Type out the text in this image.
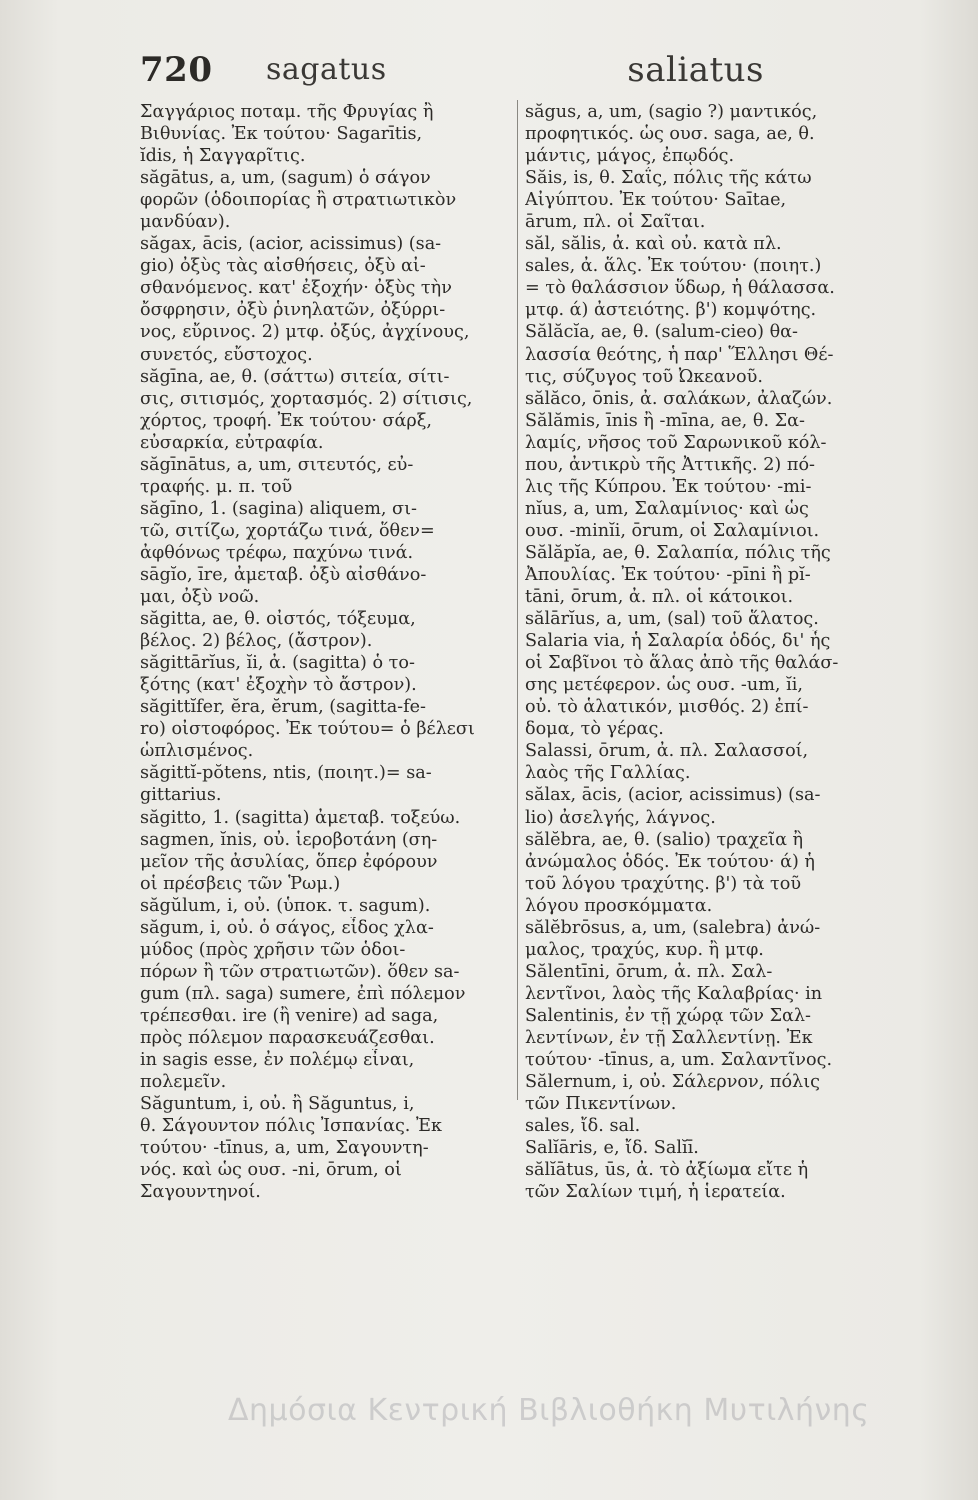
720 sagatus	saliatus
Σαγγάριος ποταμ. τῆς Φρυγίας ἢ
Βιθυνίας. Ἐκ τούτου· Sagarītis,
ĭdis, ἡ Σαγγαρῖτις.
săgātus, a, um, (sagum) ὁ σάγον
φορῶν (ὁδοιπορίας ἢ στρατιωτικὸν
μανδύαν).
săgax, ācis, (acior, acissimus) (sa-
gio) ὀξὺς τὰς αἰσθήσεις, ὀξὺ αἰ-
σθανόμενος. κατ' ἐξοχήν· ὀξὺς τὴν
ὄσφρησιν, ὀξὺ ῥινηλατῶν, ὀξύρρι-
νος, εὔρινος. 2) μτφ. ὀξύς, ἀγχίνους,
συνετός, εὔστοχος.
săgīna, ae, θ. (σάττω) σιτεία, σίτι-
σις, σιτισμός, χορτασμός. 2) σίτισις,
χόρτος, τροφή. Ἐκ τούτου· σάρξ,
εὐσαρκία, εὐτραφία.
săgīnātus, a, um, σιτευτός, εὐ-
τραφής. μ. π. τοῦ
săgīno, 1. (sagina) aliquem, σι-
τῶ, σιτίζω, χορτάζω τινά, ὅθεν=
ἀφθόνως τρέφω, παχύνω τινά.
sāgĭo, īre, ἀμεταβ. ὀξὺ αἰσθάνο-
μαι, ὀξὺ νοῶ.
săgitta, ae, θ. οἰστός, τόξευμα,
βέλος. 2) βέλος, (ἄστρον).
săgittārĭus, ĭi, ἀ. (sagitta) ὁ το-
ξότης (κατ' ἐξοχὴν τὸ ἄστρον).
săgittĭfer, ĕra, ĕrum, (sagitta-fe-
ro) οἰστοφόρος. Ἐκ τούτου= ὁ βέλεσι
ὡπλισμένος.
săgittĭ-pŏtens, ntis, (ποιητ.)= sa-
gittarius.
săgitto, 1. (sagitta) ἀμεταβ. τοξεύω.
sagmen, ĭnis, οὐ. ἱεροβοτάνη (ση-
μεῖον τῆς ἀσυλίας, ὅπερ ἐφόρουν
οἱ πρέσβεις τῶν Ῥωμ.)
săgŭlum, i, οὐ. (ὑποκ. τ. sagum).
săgum, i, οὐ. ὁ σάγος, εἶδος χλα-
μύδος (πρὸς χρῆσιν τῶν ὁδοι-
πόρων ἢ τῶν στρατιωτῶν). ὅθεν sa-
gum (πλ. saga) sumere, ἐπὶ πόλεμον
τρέπεσθαι. ire (ἢ venire) ad saga,
πρὸς πόλεμον παρασκευάζεσθαι.
in sagis esse, ἐν πολέμῳ εἶναι,
πολεμεῖν.
Săguntum, i, οὐ. ἢ Săguntus, i,
θ. Σάγουντον πόλις Ἰσπανίας. Ἐκ
τούτου· -tīnus, a, um, Σαγουντη-
νός. καὶ ὡς ουσ. -ni, ōrum, οἱ
Σαγουντηνοί.
săgus, a, um, (sagio ?) μαντικός,
προφητικός. ὡς ουσ. saga, ae, θ.
μάντις, μάγος, ἐπῳδός.
Săis, is, θ. Σαΐς, πόλις τῆς κάτω
Αἰγύπτου. Ἐκ τούτου· Saītae,
ārum, πλ. οἱ Σαῖται.
săl, sălis, ἀ. καὶ οὐ. κατὰ πλ.
sales, ἀ. ἅλς. Ἐκ τούτου· (ποιητ.)
= τὸ θαλάσσιον ὕδωρ, ἡ θάλασσα.
μτφ. ά) ἀστειότης. β') κομψότης.
Sălăcĭa, ae, θ. (salum-cieo) θα-
λασσία θεότης, ἡ παρ' Ἕλλησι Θέ-
τις, σύζυγος τοῦ Ὠκεανοῦ.
sălăco, ōnis, ἀ. σαλάκων, ἀλαζών.
Sălămis, īnis ἢ -mīna, ae, θ. Σα-
λαμίς, νῆσος τοῦ Σαρωνικοῦ κόλ-
που, ἀντικρὺ τῆς Ἀττικῆς. 2) πό-
λις τῆς Κύπρου. Ἐκ τούτου· -mi-
nĭus, a, um, Σαλαμίνιος· καὶ ὡς
ουσ. -minĭi, ōrum, οἱ Σαλαμίνιοι.
Sălăpĭa, ae, θ. Σαλαπία, πόλις τῆς
Ἀπουλίας. Ἐκ τούτου· -pīni ἢ pĭ-
tāni, ōrum, ἀ. πλ. οἱ κάτοικοι.
sălārĭus, a, um, (sal) τοῦ ἅλατος.
Salaria via, ἡ Σαλαρία ὁδός, δι' ἧς
οἱ Σαβῖνοι τὸ ἅλας ἀπὸ τῆς θαλάσ-
σης μετέφερον. ὡς ουσ. -um, ĭi,
οὐ. τὸ ἁλατικόν, μισθός. 2) ἐπί-
δομα, τὸ γέρας.
Salassi, ōrum, ἀ. πλ. Σαλασσοί,
λαὸς τῆς Γαλλίας.
sălax, ācis, (acior, acissimus) (sa-
lio) ἀσελγής, λάγνος.
sălĕbra, ae, θ. (salio) τραχεῖα ἢ
ἀνώμαλος ὁδός. Ἐκ τούτου· ά) ἡ
τοῦ λόγου τραχύτης. β') τὰ τοῦ
λόγου προσκόμματα.
sălĕbrōsus, a, um, (salebra) ἀνώ-
μαλος, τραχύς, κυρ. ἢ μτφ.
Sălentīni, ōrum, ἀ. πλ. Σαλ-
λεντῖνοι, λαὸς τῆς Καλαβρίας· in
Salentinis, ἐν τῇ χώρᾳ τῶν Σαλ-
λεντίνων, ἐν τῇ Σαλλεντίνῃ. Ἐκ
τούτου· -tīnus, a, um. Σαλαντῖνος.
Sălernum, i, οὐ. Σάλερνον, πόλις
τῶν Πικεντίνων.
sales, ἴδ. sal.
Salĭāris, e, ἴδ. Salĭī.
sălĭātus, ūs, ἀ. τὸ ἀξίωμα εἴτε ἡ
τῶν Σαλίων τιμή, ἡ ἱερατεία.
Δημόσια Κεντρική Βιβλιοθήκη Μυτιλήνης
